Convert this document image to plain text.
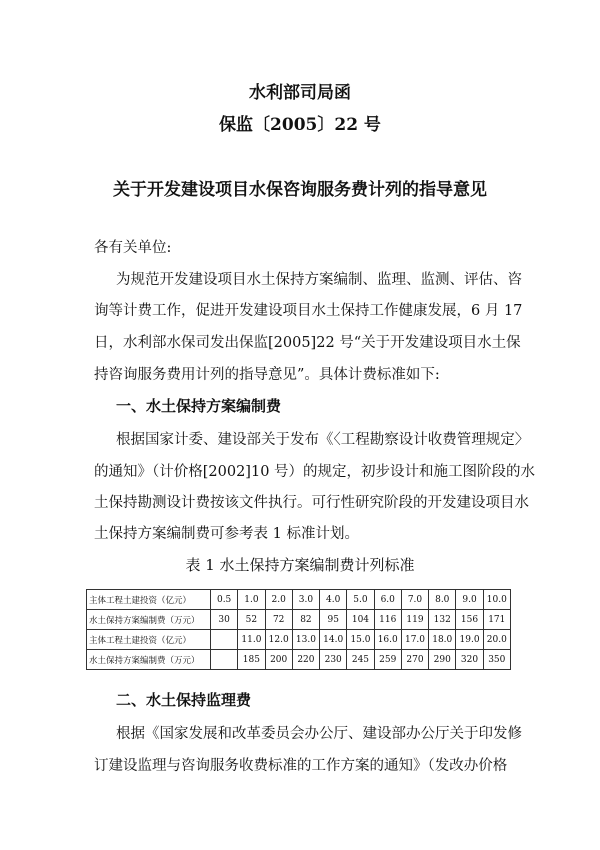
水利部司局函
保监〔2005〕22 号
关于开发建设项目水保咨询服务费计列的指导意见
各有关单位:
为规范开发建设项目水土保持方案编制、监理、监测、评估、咨
询等计费工作，促进开发建设项目水土保持工作健康发展，6 月 17
日，水利部水保司发出保监[2005]22 号“关于开发建设项目水土保
持咨询服务费用计列的指导意见”。具体计费标准如下:
一、水土保持方案编制费
根据国家计委、建设部关于发布《〈工程勘察设计收费管理规定〉
的通知》（计价格[2002]10 号）的规定，初步设计和施工图阶段的水
土保持勘测设计费按该文件执行。可行性研究阶段的开发建设项目水
土保持方案编制费可参考表 1 标准计划。
表 1 水土保持方案编制费计列标准
主体工程土建投资（亿元）	0.5	1.0	2.0	3.0	4.0	5.0	6.0	7.0	8.0	9.0	10.0
水土保持方案编制费（万元）	30	52	72	82	95	104	116	119	132	156	171
主体工程土建投资（亿元）		11.0	12.0	13.0	14.0	15.0	16.0	17.0	18.0	19.0	20.0
水土保持方案编制费（万元）		185	200	220	230	245	259	270	290	320	350
二、水土保持监理费
根据《国家发展和改革委员会办公厅、建设部办公厅关于印发修
订建设监理与咨询服务收费标准的工作方案的通知》（发改办价格
